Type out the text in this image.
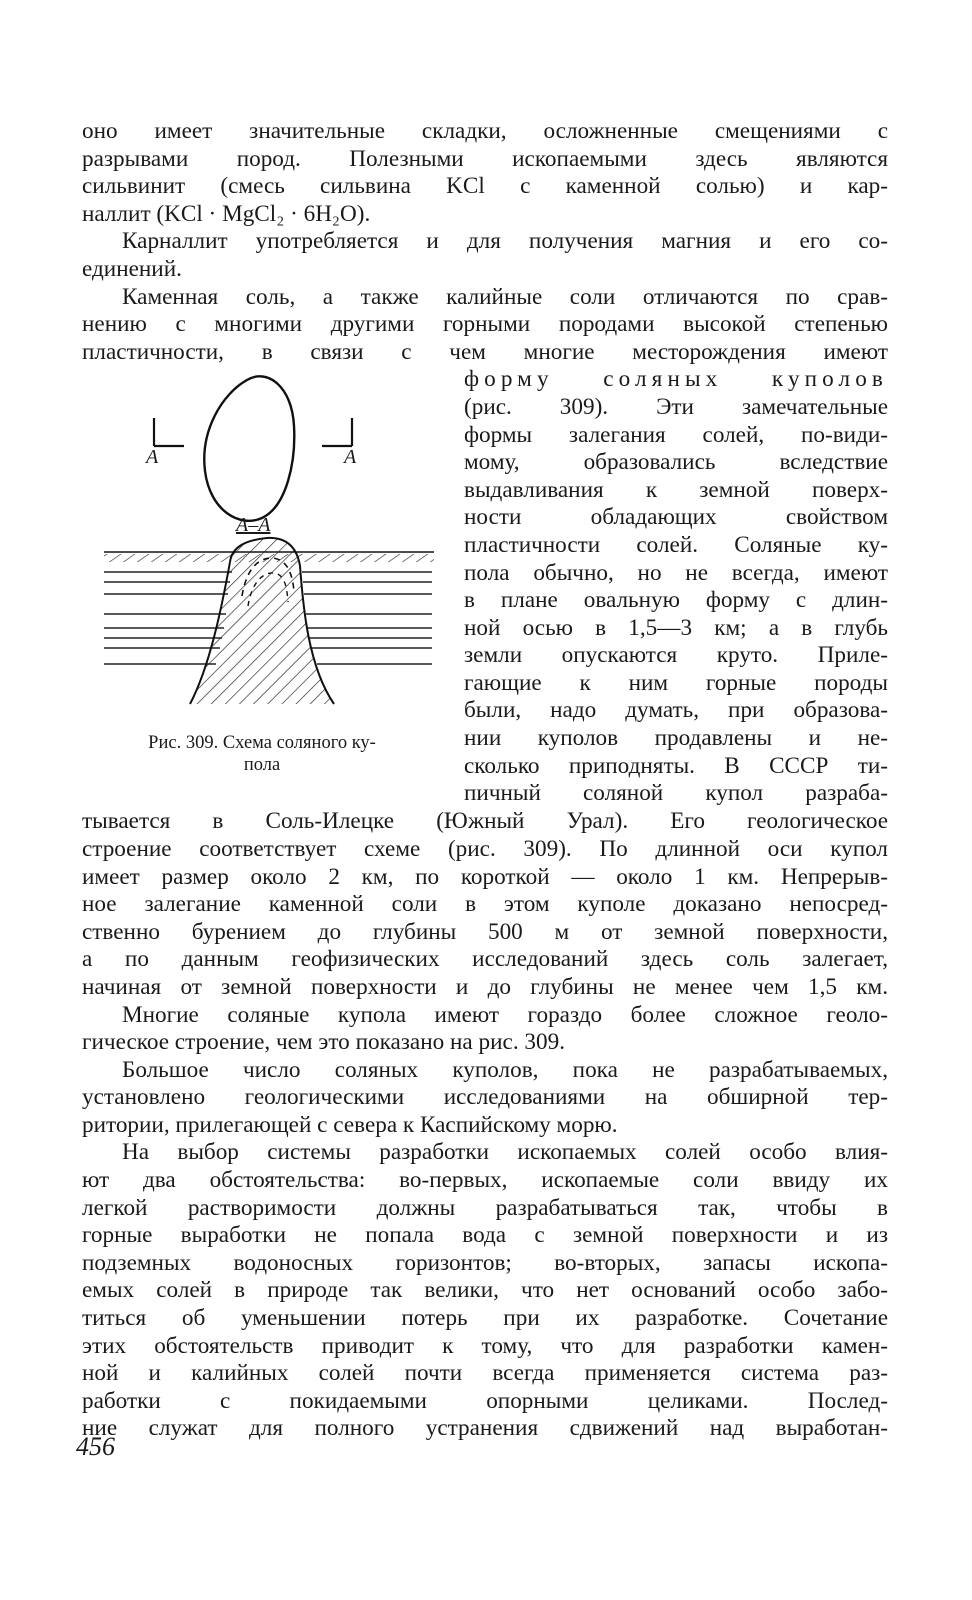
оно имеет значительные складки, осложненные смещениями с
разрывами пород. Полезными ископаемыми здесь являются
сильвинит (смесь сильвина KCl с каменной солью) и кар-
наллит (KCl · MgCl₂ · 6H₂O).
Карналлит употребляется и для получения магния и его со-
единений.
Каменная соль, а также калийные соли отличаются по срав-
нению с многими другими горными породами высокой степенью
пластичности, в связи с чем многие месторождения имеют
A	A
A–A
Рис. 309. Схема соляного ку-
пола
форму соляных куполов
(рис. 309). Эти замечательные
формы залегания солей, по-види-
мому, образовались вследствие
выдавливания к земной поверх-
ности обладающих свойством
пластичности солей. Соляные ку-
пола обычно, но не всегда, имеют
в плане овальную форму с длин-
ной осью в 1,5—3 км; а в глубь
земли опускаются круто. Приле-
гающие к ним горные породы
были, надо думать, при образова-
нии куполов продавлены и не-
сколько приподняты. В СССР ти-
пичный соляной купол разраба-
тывается в Соль-Илецке (Южный Урал). Его геологическое
строение соответствует схеме (рис. 309). По длинной оси купол
имеет размер около 2 км, по короткой — около 1 км. Непрерыв-
ное залегание каменной соли в этом куполе доказано непосред-
ственно бурением до глубины 500 м от земной поверхности,
а по данным геофизических исследований здесь соль залегает,
начиная от земной поверхности и до глубины не менее чем 1,5 км.
Многие соляные купола имеют гораздо более сложное геоло-
гическое строение, чем это показано на рис. 309.
Большое число соляных куполов, пока не разрабатываемых,
установлено геологическими исследованиями на обширной тер-
ритории, прилегающей с севера к Каспийскому морю.
На выбор системы разработки ископаемых солей особо влия-
ют два обстоятельства: во-первых, ископаемые соли ввиду их
легкой растворимости должны разрабатываться так, чтобы в
горные выработки не попала вода с земной поверхности и из
подземных водоносных горизонтов; во-вторых, запасы ископа-
емых солей в природе так велики, что нет оснований особо забо-
титься об уменьшении потерь при их разработке. Сочетание
этих обстоятельств приводит к тому, что для разработки камен-
ной и калийных солей почти всегда применяется система раз-
работки с покидаемыми опорными целиками. Послед-
ние служат для полного устранения сдвижений над выработан-
456
